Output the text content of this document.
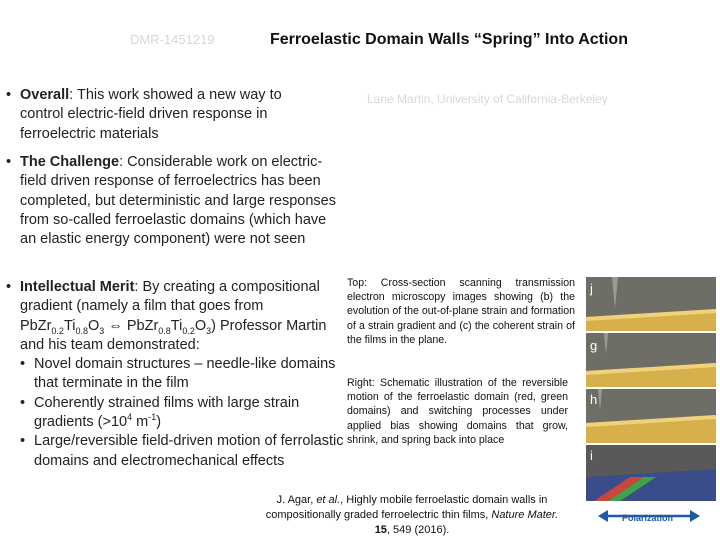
DMR-1451219	Ferroelastic Domain Walls “Spring” Into Action
Lane Martin, University of California-Berkeley
• Overall: This work showed a new way to control electric-field driven response in ferroelectric materials
• The Challenge: Considerable work on electric-field driven response of ferroelectrics has been completed, but deterministic and large responses from so-called ferroelastic domains (which have an elastic energy component) were not seen
• Intellectual Merit: By creating a compositional gradient (namely a film that goes from $PbZr_{0.2}Ti_{0.8}O_3$ ⇔ $PbZr_{0.8}Ti_{0.2}O_3$) Professor Martin and his team demonstrated:
• Novel domain structures – needle-like domains that terminate in the film
• Coherently strained films with large strain gradients ($>10^4$ $m^{-1}$)
• Large/reversible field-driven motion of ferrolastic domains and electromechanical effects
Top: Cross-section scanning transmission electron microscopy images showing (b) the evolution of the out-of-plane strain and formation of a strain gradient and (c) the coherent strain of the films in the plane.
Right: Schematic illustration of the reversible motion of the ferroelastic domain (red, green domains) and switching processes under applied bias showing domains that grow, shrink, and spring back into place
J. Agar, et al., Highly mobile ferroelastic domain walls in compositionally graded ferroelectric thin films, Nature Mater. 15, 549 (2016).
j
g
h
i
Polarization
